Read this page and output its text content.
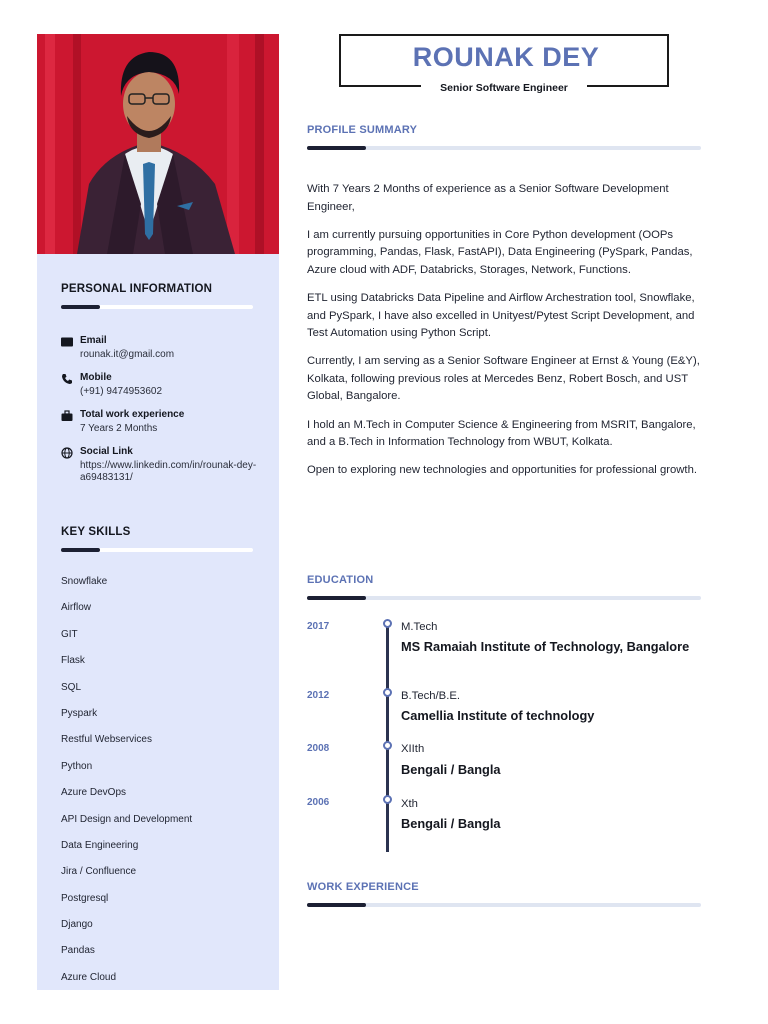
PERSONAL INFORMATION
Email
rounak.it@gmail.com
Mobile
(+91) 9474953602
Total work experience
7 Years 2 Months
Social Link
https://www.linkedin.com/in/rounak-dey-a69483131/
KEY SKILLS
Snowflake
Airflow
GIT
Flask
SQL
Pyspark
Restful Webservices
Python
Azure DevOps
API Design and Development
Data Engineering
Jira / Confluence
Postgresql
Django
Pandas
Azure Cloud
ROUNAK DEY
Senior Software Engineer
PROFILE SUMMARY

With 7 Years 2 Months of experience as a Senior Software Development Engineer,

I am currently pursuing opportunities in Core Python development (OOPs programming, Pandas, Flask, FastAPI), Data Engineering (PySpark, Pandas, Azure cloud with ADF, Databricks, Storages, Network, Functions.

ETL using Databricks Data Pipeline and Airflow Archestration tool, Snowflake, and PySpark, I have also excelled in Unityest/Pytest Script Development, and Test Automation using Python Script.

Currently, I am serving as a Senior Software Engineer at Ernst & Young (E&Y), Kolkata, following previous roles at Mercedes Benz, Robert Bosch, and UST Global, Bangalore.

I hold an M.Tech in Computer Science & Engineering from MSRIT, Bangalore, and a B.Tech in Information Technology from WBUT, Kolkata.

Open to exploring new technologies and opportunities for professional growth.

EDUCATION
2017	M.Tech
MS Ramaiah Institute of Technology, Bangalore
2012	B.Tech/B.E.
Camellia Institute of technology
2008	XIIth
Bengali / Bangla
2006	Xth
Bengali / Bangla
WORK EXPERIENCE
